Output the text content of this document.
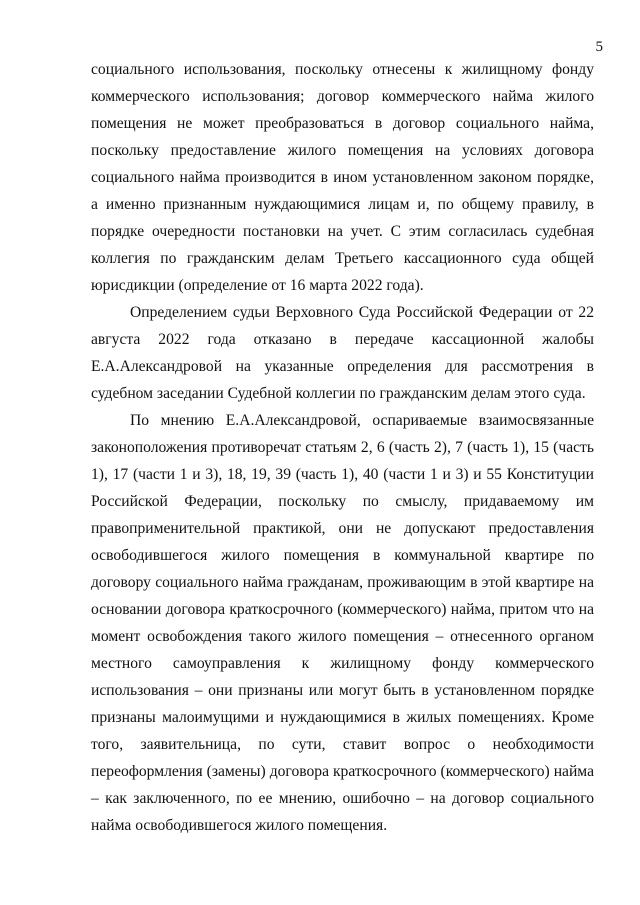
5

социального использования, поскольку отнесены к жилищному фонду коммерческого использования; договор коммерческого найма жилого помещения не может преобразоваться в договор социального найма, поскольку предоставление жилого помещения на условиях договора социального найма производится в ином установленном законом порядке, а именно признанным нуждающимися лицам и, по общему правилу, в порядке очередности постановки на учет. С этим согласилась судебная коллегия по гражданским делам Третьего кассационного суда общей юрисдикции (определение от 16 марта 2022 года).

Определением судьи Верховного Суда Российской Федерации от 22 августа 2022 года отказано в передаче кассационной жалобы Е.А.Александровой на указанные определения для рассмотрения в судебном заседании Судебной коллегии по гражданским делам этого суда.

По мнению Е.А.Александровой, оспариваемые взаимосвязанные законоположения противоречат статьям 2, 6 (часть 2), 7 (часть 1), 15 (часть 1), 17 (части 1 и 3), 18, 19, 39 (часть 1), 40 (части 1 и 3) и 55 Конституции Российской Федерации, поскольку по смыслу, придаваемому им правоприменительной практикой, они не допускают предоставления освободившегося жилого помещения в коммунальной квартире по договору социального найма гражданам, проживающим в этой квартире на основании договора краткосрочного (коммерческого) найма, притом что на момент освобождения такого жилого помещения – отнесенного органом местного самоуправления к жилищному фонду коммерческого использования – они признаны или могут быть в установленном порядке признаны малоимущими и нуждающимися в жилых помещениях. Кроме того, заявительница, по сути, ставит вопрос о необходимости переоформления (замены) договора краткосрочного (коммерческого) найма – как заключенного, по ее мнению, ошибочно – на договор социального найма освободившегося жилого помещения.
